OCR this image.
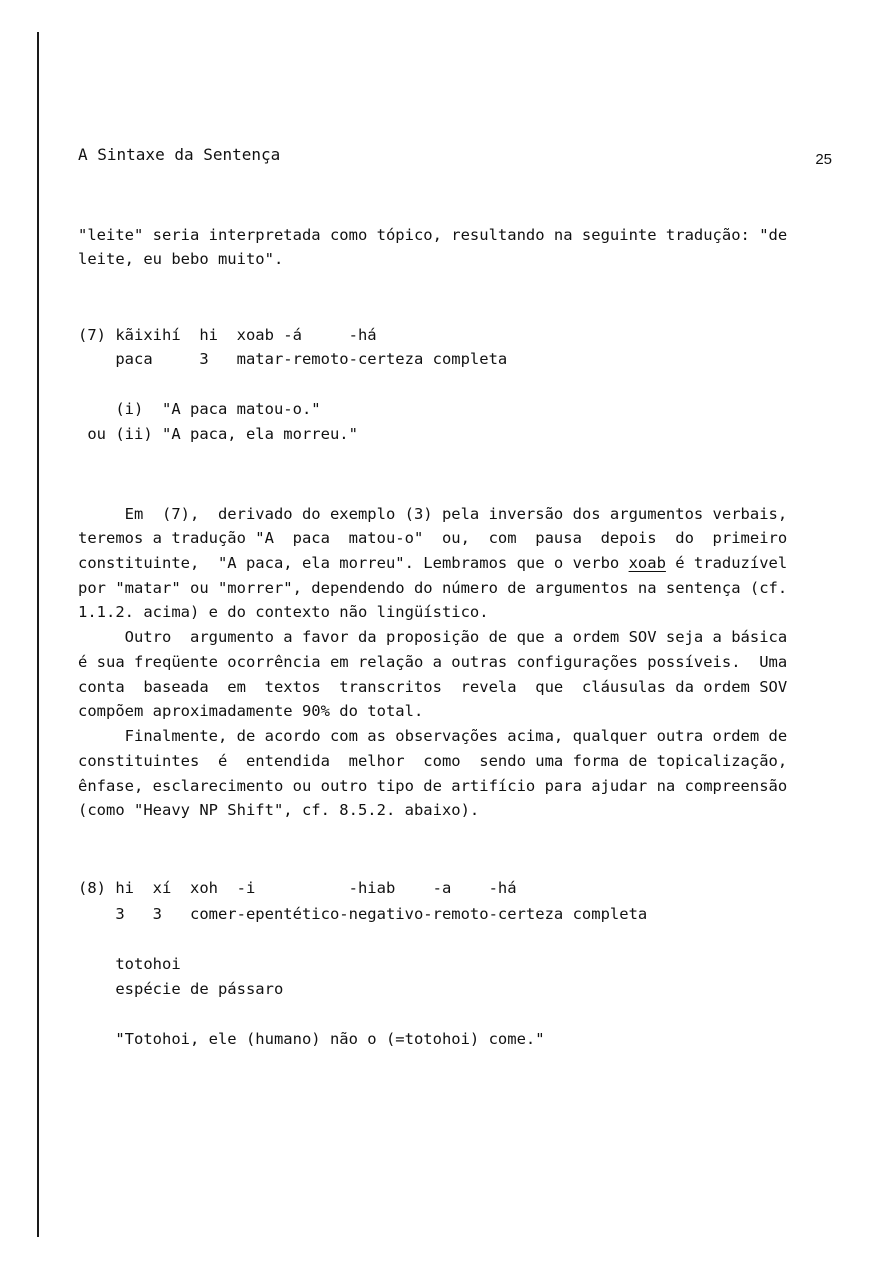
A Sintaxe da Sentença	25
"leite" seria interpretada como tópico, resultando na seguinte tradução: "de
leite, eu bebo muito".
(7) kãixihí  hi  xoab -á     -há
paca     3   matar-remoto-certeza completa
(i)  "A paca matou-o."
ou (ii) "A paca, ela morreu."
Em  (7),  derivado do exemplo (3) pela inversão dos argumentos verbais,
teremos a tradução "A  paca  matou-o"  ou,  com  pausa  depois  do  primeiro
constituinte,  "A paca, ela morreu". Lembramos que o verbo xoab é traduzível
por "matar" ou "morrer", dependendo do número de argumentos na sentença (cf.
1.1.2. acima) e do contexto não lingüístico.
Outro  argumento a favor da proposição de que a ordem SOV seja a básica
é sua freqüente ocorrência em relação a outras configurações possíveis.  Uma
conta  baseada  em  textos  transcritos  revela  que  cláusulas da ordem SOV
compõem aproximadamente 90% do total.
Finalmente, de acordo com as observações acima, qualquer outra ordem de
constituintes  é  entendida  melhor  como  sendo uma forma de topicalização,
ênfase, esclarecimento ou outro tipo de artifício para ajudar na compreensão
(como "Heavy NP Shift", cf. 8.5.2. abaixo).
(8) hi  xí  xoh  -i          -hiab    -a    -há
3   3   comer-epentético-negativo-remoto-certeza completa
totohoi
espécie de pássaro
"Totohoi, ele (humano) não o (=totohoi) come."
